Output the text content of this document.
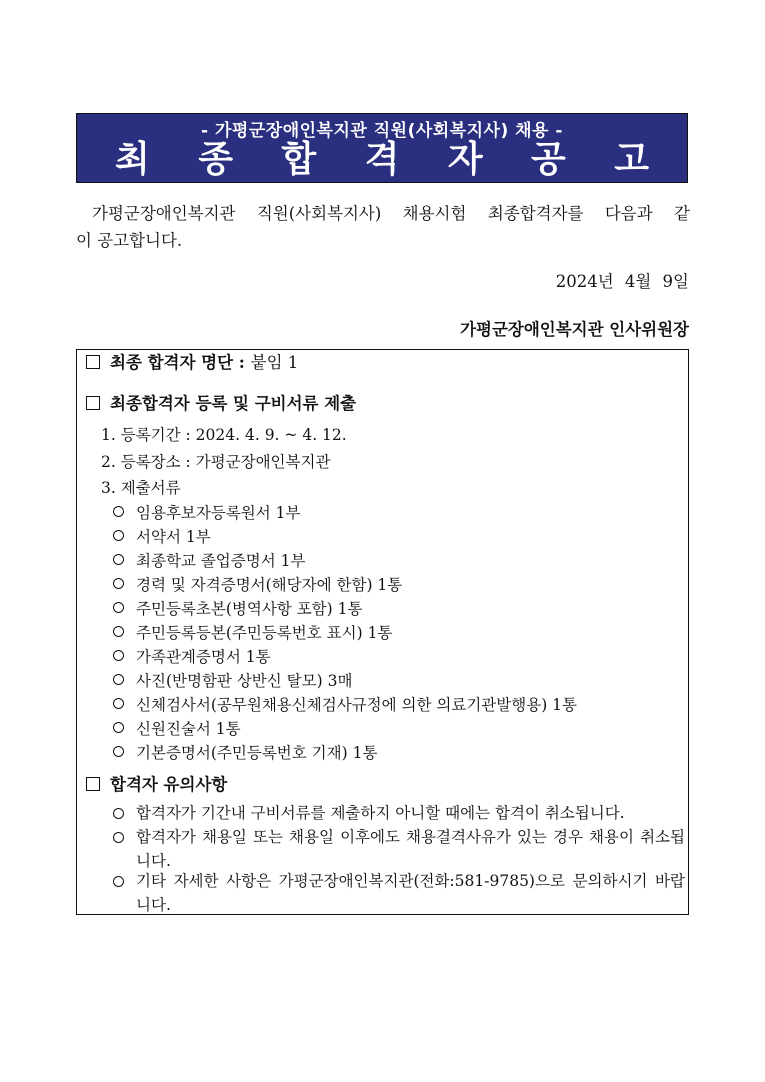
- 가평군장애인복지관 직원(사회복지사) 채용 -
최 종 합 격 자 공 고
가평군장애인복지관 직원(사회복지사) 채용시험 최종합격자를 다음과 같
이 공고합니다.
2024년 4월 9일
가평군장애인복지관 인사위원장
최종 합격자 명단 : 붙임 1
최종합격자 등록 및 구비서류 제출
1. 등록기간 : 2024. 4. 9. ~ 4. 12.
2. 등록장소 : 가평군장애인복지관
3. 제출서류
임용후보자등록원서 1부
서약서 1부
최종학교 졸업증명서 1부
경력 및 자격증명서(해당자에 한함) 1통
주민등록초본(병역사항 포함) 1통
주민등록등본(주민등록번호 표시) 1통
가족관계증명서 1통
사진(반명함판 상반신 탈모) 3매
신체검사서(공무원채용신체검사규정에 의한 의료기관발행용) 1통
신원진술서 1통
기본증명서(주민등록번호 기재) 1통
합격자 유의사항
합격자가 기간내 구비서류를 제출하지 아니할 때에는 합격이 취소됩니다.
합격자가 채용일 또는 채용일 이후에도 채용결격사유가 있는 경우 채용이 취소됩니다.
기타 자세한 사항은 가평군장애인복지관(전화:581-9785)으로 문의하시기 바랍니다.
